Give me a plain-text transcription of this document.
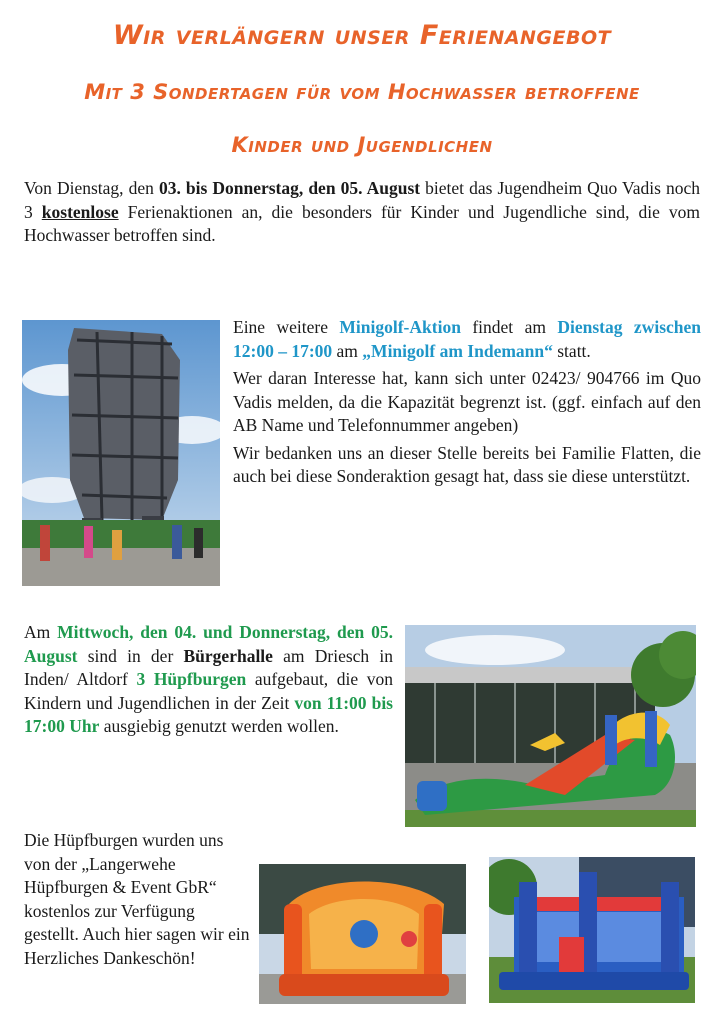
Wir verlängern unser Ferienangebot
Mit 3 Sondertagen für vom Hochwasser betroffene
Kinder und Jugendlichen

Von Dienstag, den 03. bis Donnerstag, den 05. August bietet das Jugendheim Quo Vadis noch 3 kostenlose Ferienaktionen an, die besonders für Kinder und Jugendliche sind, die vom Hochwasser betroffen sind.

Eine weitere Minigolf-Aktion findet am Dienstag zwischen 12:00 – 17:00 am „Minigolf am Indemann“ statt.

Wer daran Interesse hat, kann sich unter 02423/ 904766 im Quo Vadis melden, da die Kapazität begrenzt ist. (ggf. einfach auf den AB Name und Telefonnummer angeben)

Wir bedanken uns an dieser Stelle bereits bei Familie Flatten, die auch bei diese Sonderaktion gesagt hat, dass sie diese unterstützt.

Am Mittwoch, den 04. und Donnerstag, den 05. August sind in der Bürgerhalle am Driesch in Inden/ Altdorf 3 Hüpfburgen aufgebaut, die von Kindern und Jugendlichen in der Zeit von 11:00 bis 17:00 Uhr ausgiebig genutzt werden wollen.

Die Hüpfburgen wurden uns von der „Langerwehe Hüpfburgen & Event GbR“ kostenlos zur Verfügung gestellt. Auch hier sagen wir ein Herzliches Dankeschön!
